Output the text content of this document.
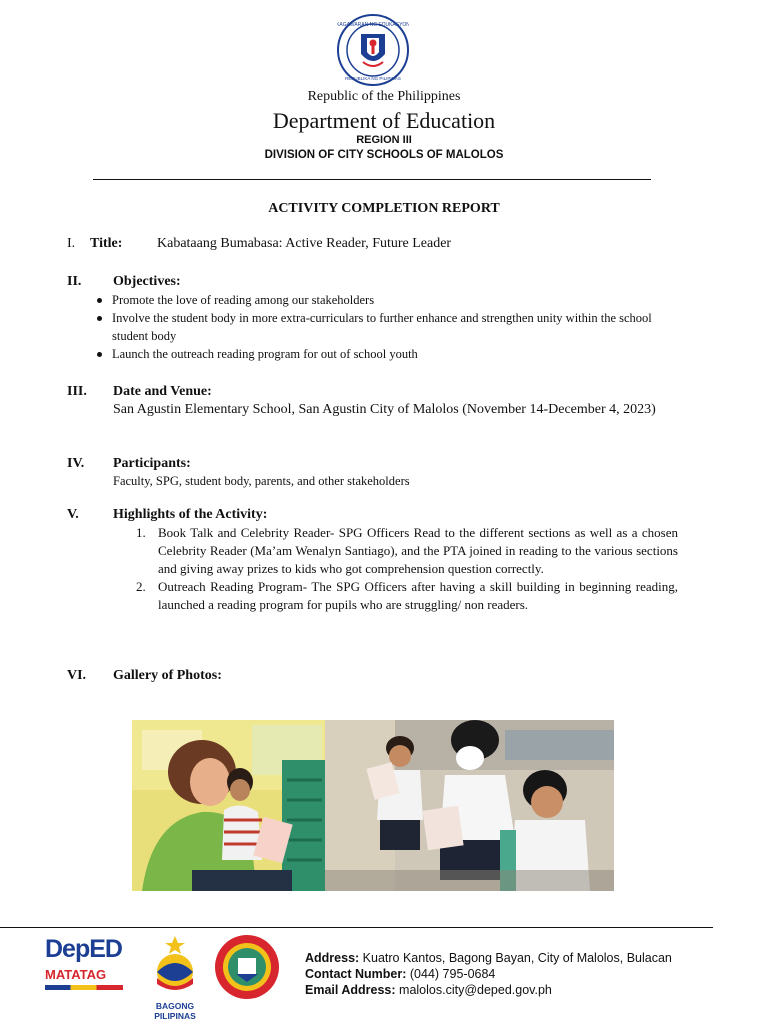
KAGAWARAN NG EDUKASYON
REPUBLIKA NG PILIPINAS
Republic of the Philippines
Department of Education
REGION III
DIVISION OF CITY SCHOOLS OF MALOLOS
ACTIVITY COMPLETION REPORT
I. Title: Kabataang Bumabasa: Active Reader, Future Leader
II. Objectives:
Promote the love of reading among our stakeholders
Involve the student body in more extra-curriculars to further enhance and strengthen unity within the school student body
Launch the outreach reading program for out of school youth
III. Date and Venue:
San Agustin Elementary School, San Agustin City of Malolos (November 14-December 4, 2023)
IV. Participants:
Faculty, SPG, student body, parents, and other stakeholders
V. Highlights of the Activity:
1. Book Talk and Celebrity Reader- SPG Officers Read to the different sections as well as a chosen Celebrity Reader (Ma’am Wenalyn Santiago), and the PTA joined in reading to the various sections and giving away prizes to kids who got comprehension question correctly.
2. Outreach Reading Program- The SPG Officers after having a skill building in beginning reading, launched a reading program for pupils who are struggling/ non readers.
VI. Gallery of Photos:
DepED
MATATAG
BAGONG PILIPINAS
Address: Kuatro Kantos, Bagong Bayan, City of Malolos, Bulacan
Contact Number: (044) 795-0684
Email Address: malolos.city@deped.gov.ph
